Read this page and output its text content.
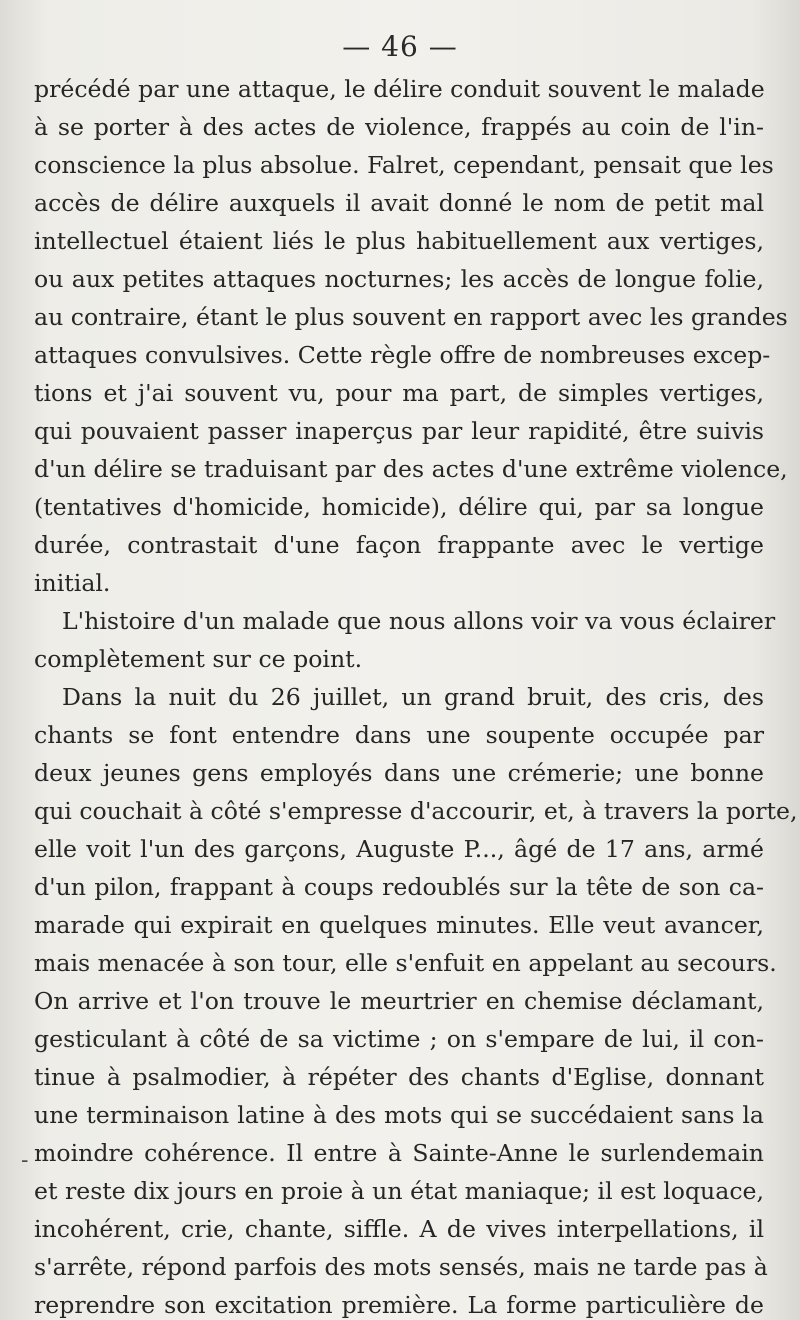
— 46 —
-
précédé par une attaque, le délire conduit souvent le malade
à se porter à des actes de violence, frappés au coin de l'in-
conscience la plus absolue. Falret, cependant, pensait que les
accès de délire auxquels il avait donné le nom de petit mal
intellectuel étaient liés le plus habituellement aux vertiges,
ou aux petites attaques nocturnes; les accès de longue folie,
au contraire, étant le plus souvent en rapport avec les grandes
attaques convulsives. Cette règle offre de nombreuses excep-
tions et j'ai souvent vu, pour ma part, de simples vertiges,
qui pouvaient passer inaperçus par leur rapidité, être suivis
d'un délire se traduisant par des actes d'une extrême violence,
(tentatives d'homicide, homicide), délire qui, par sa longue
durée, contrastait d'une façon frappante avec le vertige
initial.
L'histoire d'un malade que nous allons voir va vous éclairer
complètement sur ce point.
Dans la nuit du 26 juillet, un grand bruit, des cris, des
chants se font entendre dans une soupente occupée par
deux jeunes gens employés dans une crémerie; une bonne
qui couchait à côté s'empresse d'accourir, et, à travers la porte,
elle voit l'un des garçons, Auguste P..., âgé de 17 ans, armé
d'un pilon, frappant à coups redoublés sur la tête de son ca-
marade qui expirait en quelques minutes. Elle veut avancer,
mais menacée à son tour, elle s'enfuit en appelant au secours.
On arrive et l'on trouve le meurtrier en chemise déclamant,
gesticulant à côté de sa victime ; on s'empare de lui, il con-
tinue à psalmodier, à répéter des chants d'Eglise, donnant
une terminaison latine à des mots qui se succédaient sans la
moindre cohérence. Il entre à Sainte-Anne le surlendemain
et reste dix jours en proie à un état maniaque; il est loquace,
incohérent, crie, chante, siffle. A de vives interpellations, il
s'arrête, répond parfois des mots sensés, mais ne tarde pas à
reprendre son excitation première. La forme particulière de
